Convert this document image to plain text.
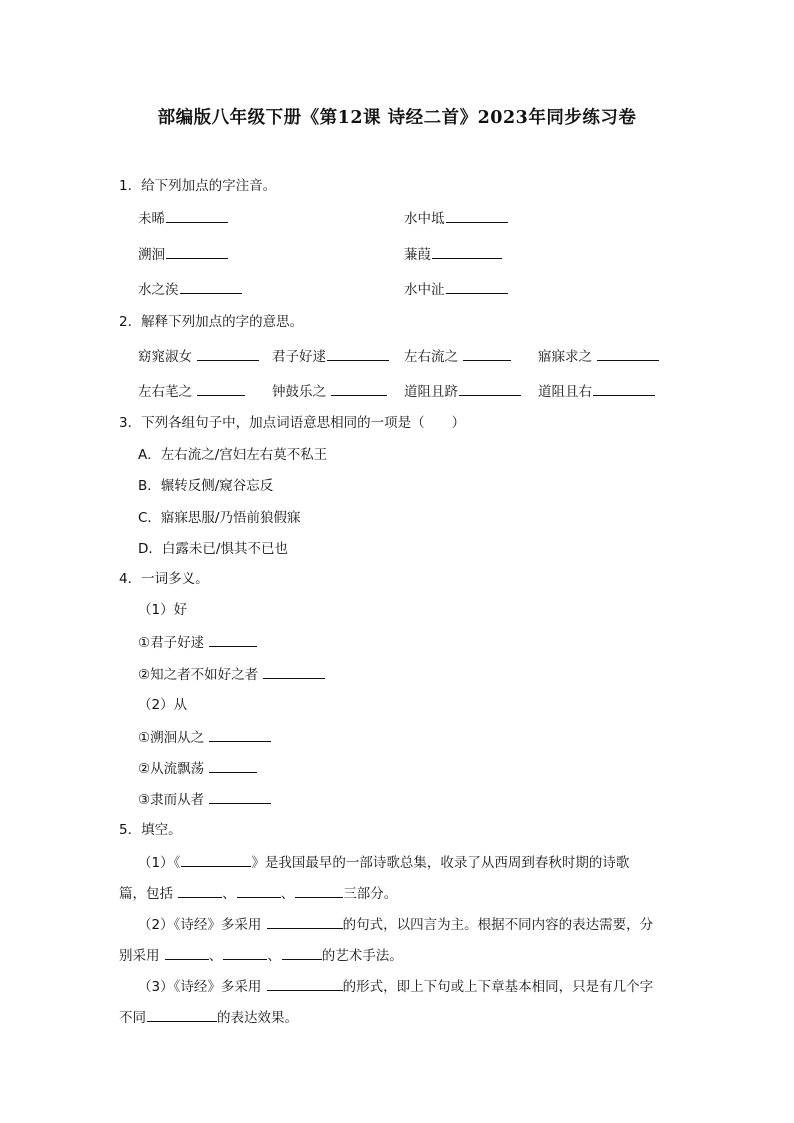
部编版八年级下册《第12课 诗经二首》2023年同步练习卷
1．给下列加点的字注音。
未晞	水中坻
溯洄	蒹葭
水之涘	水中沚
2．解释下列加点的字的意思。
窈窕淑女	君子好逑	左右流之	寤寐求之
左右芼之	钟鼓乐之	道阻且跻	道阻且右
3．下列各组句子中，加点词语意思相同的一项是（　　）
A．左右流之/宫妇左右莫不私王
B．辗转反侧/窥谷忘反
C．寤寐思服/乃悟前狼假寐
D．白露未已/惧其不已也
4．一词多义。
（1）好
①君子好逑
②知之者不如好之者
（2）从
①溯洄从之
②从流飘荡
③隶而从者
5．填空。
（1）《	》是我国最早的一部诗歌总集，收录了从西周到春秋时期的诗歌
篇，包括	、	、	三部分。
（2）《诗经》多采用	的句式，以四言为主。根据不同内容的表达需要，分
别采用	、	、	的艺术手法。
（3）《诗经》多采用	的形式，即上下句或上下章基本相同，只是有几个字
不同	的表达效果。
